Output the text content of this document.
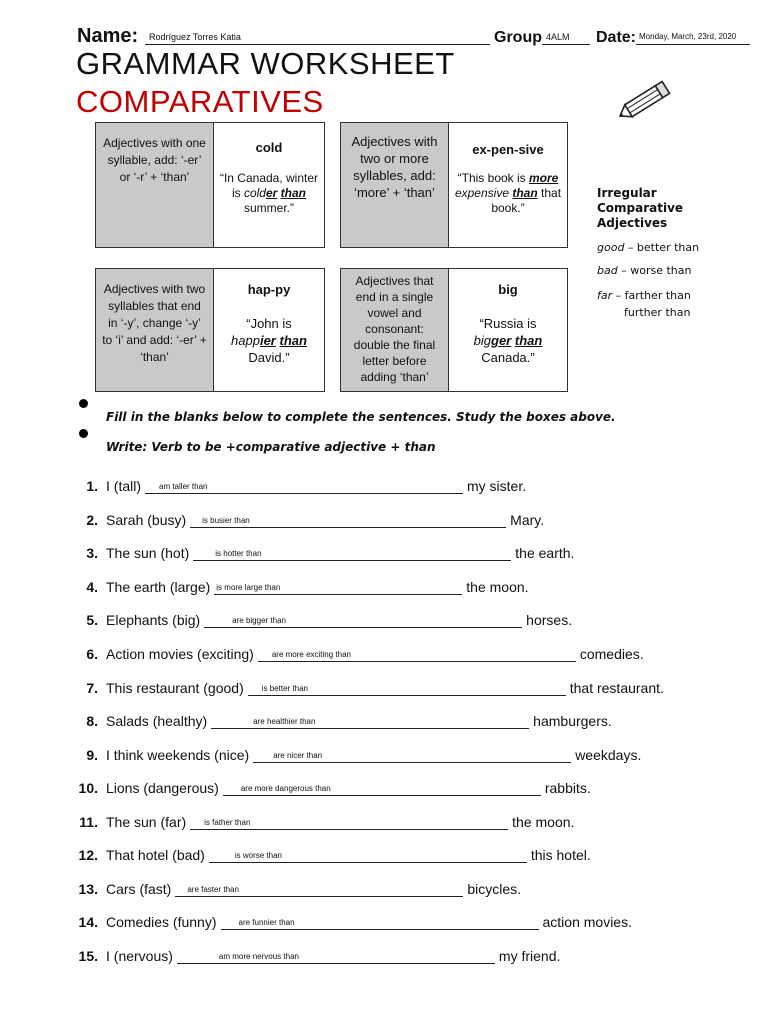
Name: Rodríguez Torres Katia	Group 4ALM Date: Monday, March, 23rd, 2020
GRAMMAR WORKSHEET
COMPARATIVES
Adjectives with one syllable, add: ‘-er’ or ‘-r’ + ‘than’
cold
“In Canada, winter is colder than summer.”
Adjectives with two or more syllables, add: ‘more’ + ‘than’
ex-pen-sive
“This book is more expensive than that book.”
Adjectives with two syllables that end in ‘-y’, change ‘-y’ to ‘i’ and add: ‘-er’ + ‘than’
hap-py
“John is
happier than
David.”
Adjectives that end in a single vowel and consonant: double the final letter before adding ‘than’
big
“Russia is
bigger than
Canada.”
Irregular Comparative Adjectives
good – better than
bad – worse than
far – farther than
further than
Fill in the blanks below to complete the sentences. Study the boxes above.
Write: Verb to be +comparative adjective + than
1. I (tall) am taller than	my sister.
2. Sarah (busy) is busier than	Mary.
3. The sun (hot)	is hotter than	the earth.
4. The earth (large) is more large than	the moon.
5. Elephants (big)	are bigger than	horses.
6. Action movies (exciting) are more exciting than	comedies.
7. This restaurant (good) is better than	that restaurant.
8. Salads (healthy)	are healthier than	hamburgers.
9. I think weekends (nice)	are nicer than	weekdays.
10. Lions (dangerous)	are more dangerous than	rabbits.
11. The sun (far) is father than	the moon.
12. That hotel (bad)	is worse than	this hotel.
13. Cars (fast) are faster than	bicycles.
14. Comedies (funny)	are funnier than	action movies.
15. I (nervous)	am more nervous than	my friend.
